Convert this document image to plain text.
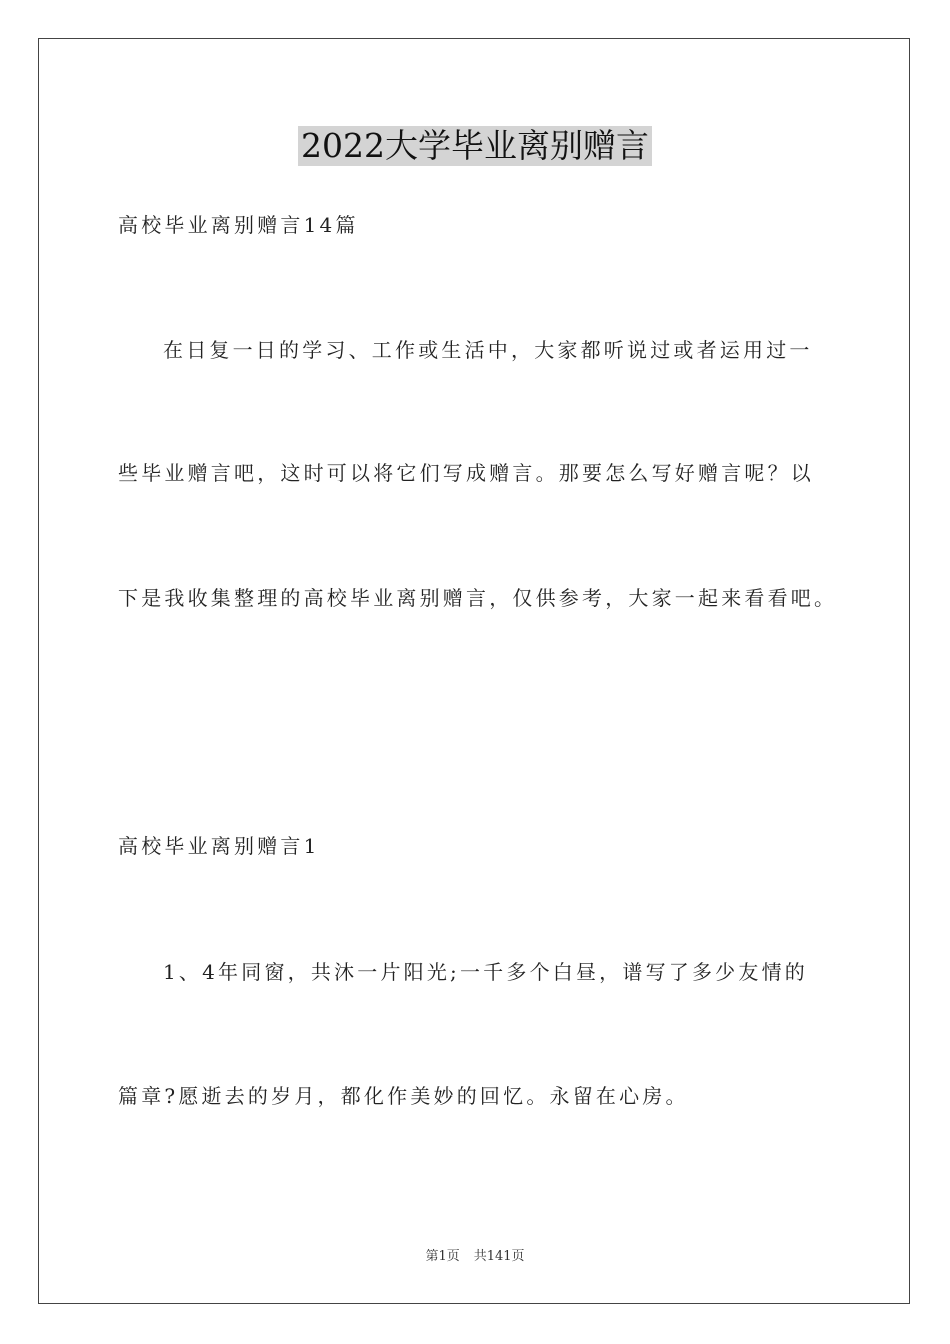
2022大学毕业离别赠言
高校毕业离别赠言14篇
在日复一日的学习、工作或生活中，大家都听说过或者运用过一
些毕业赠言吧，这时可以将它们写成赠言。那要怎么写好赠言呢？以
下是我收集整理的高校毕业离别赠言，仅供参考，大家一起来看看吧。
高校毕业离别赠言1
1、4年同窗，共沐一片阳光;一千多个白昼，谱写了多少友情的
篇章?愿逝去的岁月，都化作美妙的回忆。永留在心房。
第1页 共141页
